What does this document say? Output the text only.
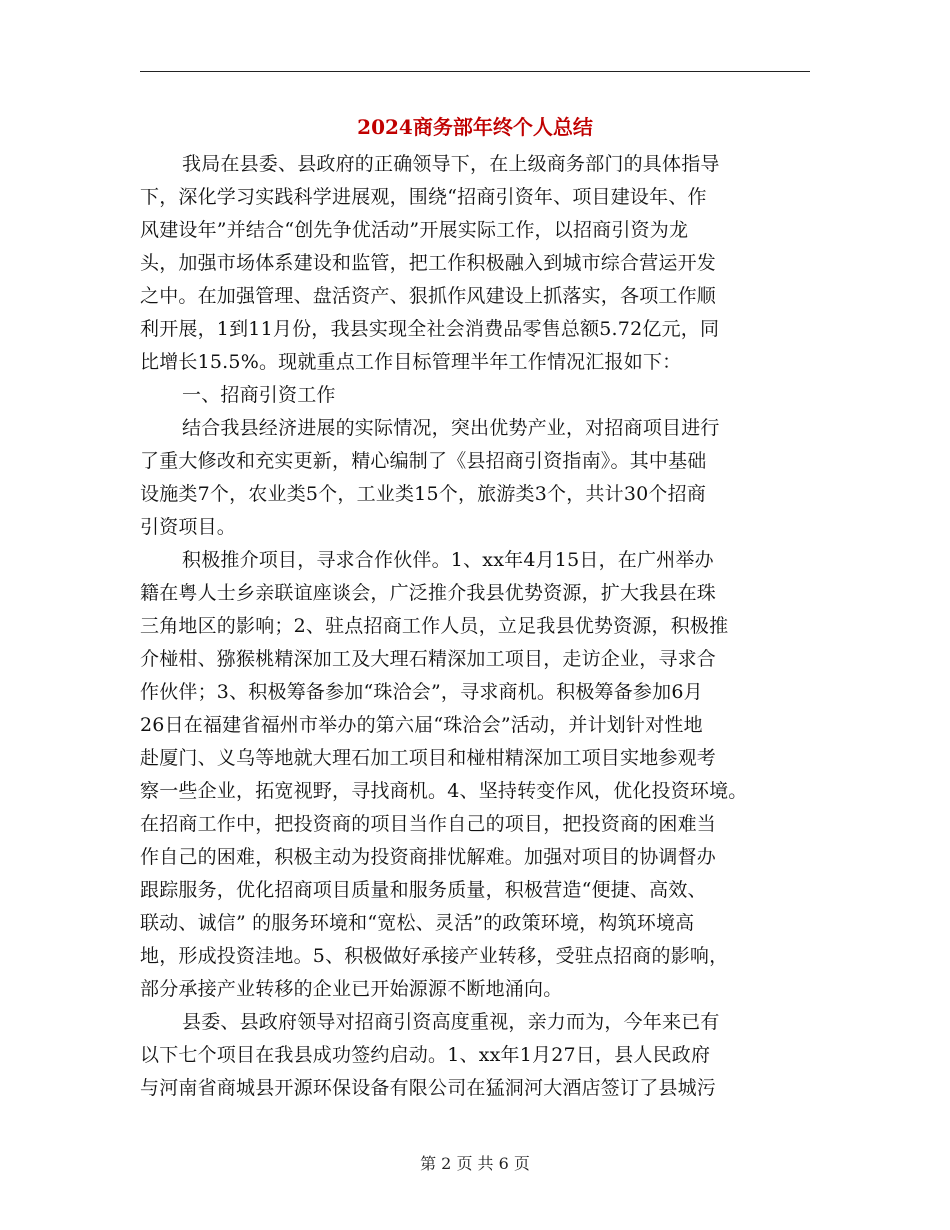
2024商务部年终个人总结
我局在县委、县政府的正确领导下，在上级商务部门的具体指导
下，深化学习实践科学进展观，围绕“招商引资年、项目建设年、作
风建设年”并结合“创先争优活动”开展实际工作，以招商引资为龙
头，加强市场体系建设和监管，把工作积极融入到城市综合营运开发
之中。在加强管理、盘活资产、狠抓作风建设上抓落实，各项工作顺
利开展，1到11月份，我县实现全社会消费品零售总额5.72亿元，同
比增长15.5%。现就重点工作目标管理半年工作情况汇报如下：
一、招商引资工作
结合我县经济进展的实际情况，突出优势产业，对招商项目进行
了重大修改和充实更新，精心编制了《县招商引资指南》。其中基础
设施类7个，农业类5个，工业类15个，旅游类3个，共计30个招商
引资项目。
积极推介项目，寻求合作伙伴。1、xx年4月15日，在广州举办
籍在粤人士乡亲联谊座谈会，广泛推介我县优势资源，扩大我县在珠
三角地区的影响；2、驻点招商工作人员，立足我县优势资源，积极推
介椪柑、猕猴桃精深加工及大理石精深加工项目，走访企业，寻求合
作伙伴；3、积极筹备参加“珠洽会”，寻求商机。积极筹备参加6月
26日在福建省福州市举办的第六届“珠洽会”活动，并计划针对性地
赴厦门、义乌等地就大理石加工项目和椪柑精深加工项目实地参观考
察一些企业，拓宽视野，寻找商机。4、坚持转变作风，优化投资环境。
在招商工作中，把投资商的项目当作自己的项目，把投资商的困难当
作自己的困难，积极主动为投资商排忧解难。加强对项目的协调督办
跟踪服务，优化招商项目质量和服务质量，积极营造“便捷、高效、
联动、诚信” 的服务环境和“宽松、灵活”的政策环境，构筑环境高
地，形成投资洼地。5、积极做好承接产业转移，受驻点招商的影响，
部分承接产业转移的企业已开始源源不断地涌向。
县委、县政府领导对招商引资高度重视，亲力而为，今年来已有
以下七个项目在我县成功签约启动。1、xx年1月27日，县人民政府
与河南省商城县开源环保设备有限公司在猛洞河大酒店签订了县城污
第 2 页 共 6 页
